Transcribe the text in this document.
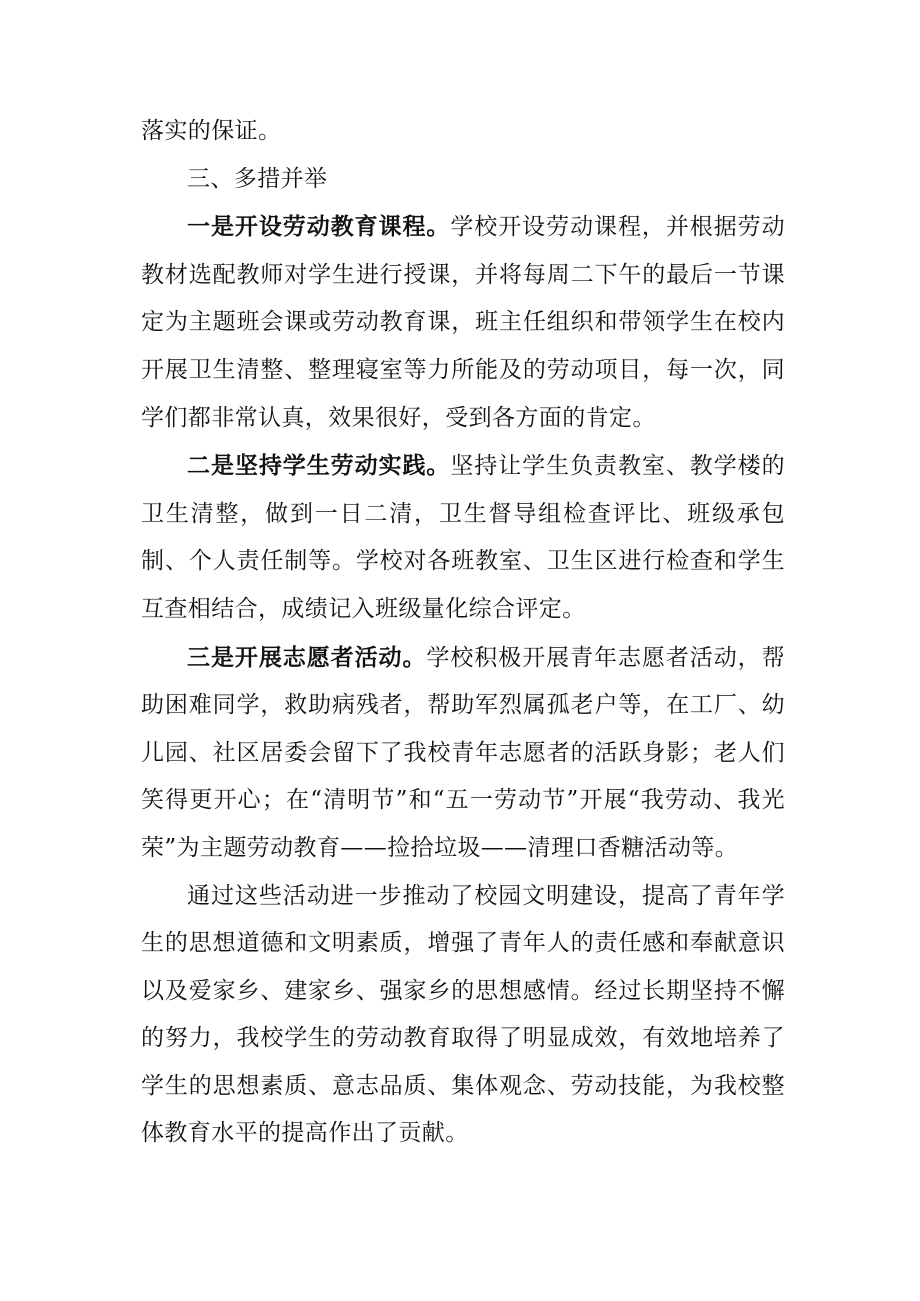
落实的保证。

三、多措并举

一是开设劳动教育课程。学校开设劳动课程，并根据劳动教材选配教师对学生进行授课，并将每周二下午的最后一节课定为主题班会课或劳动教育课，班主任组织和带领学生在校内开展卫生清整、整理寝室等力所能及的劳动项目，每一次，同学们都非常认真，效果很好，受到各方面的肯定。

二是坚持学生劳动实践。坚持让学生负责教室、教学楼的卫生清整，做到一日二清，卫生督导组检查评比、班级承包制、个人责任制等。学校对各班教室、卫生区进行检查和学生互查相结合，成绩记入班级量化综合评定。

三是开展志愿者活动。学校积极开展青年志愿者活动，帮助困难同学，救助病残者，帮助军烈属孤老户等，在工厂、幼儿园、社区居委会留下了我校青年志愿者的活跃身影；老人们笑得更开心；在“清明节”和“五一劳动节”开展“我劳动、我光荣”为主题劳动教育——捡拾垃圾——清理口香糖活动等。

通过这些活动进一步推动了校园文明建设，提高了青年学生的思想道德和文明素质，增强了青年人的责任感和奉献意识以及爱家乡、建家乡、强家乡的思想感情。经过长期坚持不懈的努力，我校学生的劳动教育取得了明显成效，有效地培养了学生的思想素质、意志品质、集体观念、劳动技能，为我校整体教育水平的提高作出了贡献。
